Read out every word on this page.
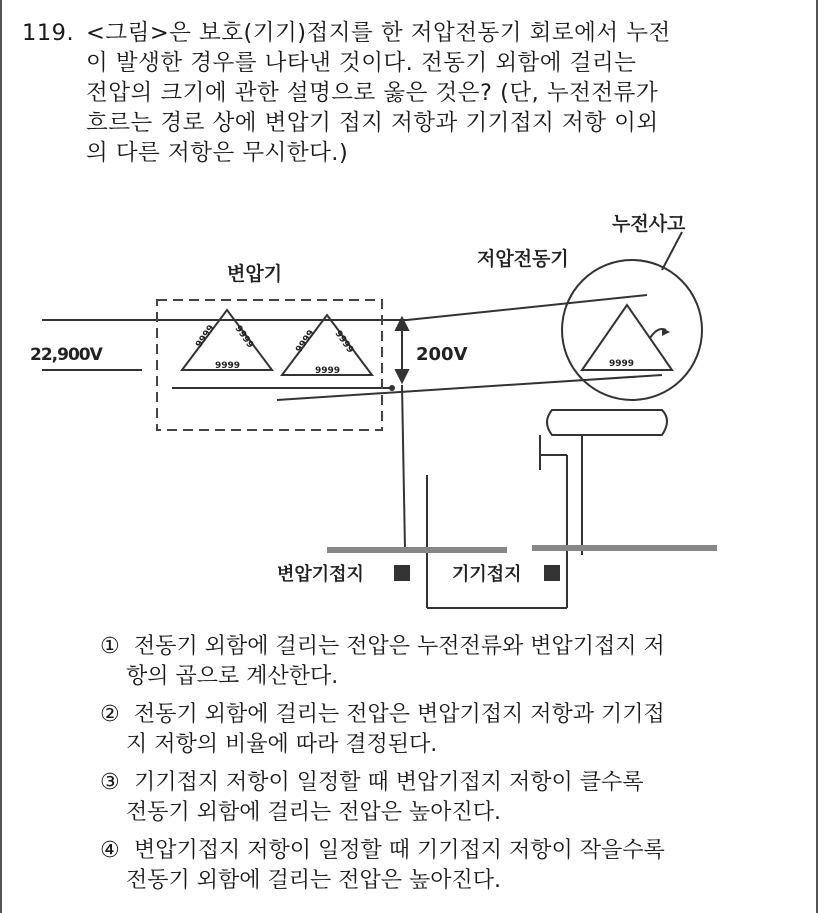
119. <그림>은 보호(기기)접지를 한 저압전동기 회로에서 누전
이 발생한 경우를 나타낸 것이다. 전동기 외함에 걸리는
전압의 크기에 관한 설명으로 옳은 것은? (단, 누전전류가
흐르는 경로 상에 변압기 접지 저항과 기기접지 저항 이외
의 다른 저항은 무시한다.)
9999	9999
9999
9999 9999	9999 9999
변압기
저압전동기
누전사고
22,900V	200V
변압기접지	기기접지
① 전동기 외함에 걸리는 전압은 누전전류와 변압기접지 저
항의 곱으로 계산한다.
② 전동기 외함에 걸리는 전압은 변압기접지 저항과 기기접
지 저항의 비율에 따라 결정된다.
③ 기기접지 저항이 일정할 때 변압기접지 저항이 클수록
전동기 외함에 걸리는 전압은 높아진다.
④ 변압기접지 저항이 일정할 때 기기접지 저항이 작을수록
전동기 외함에 걸리는 전압은 높아진다.
